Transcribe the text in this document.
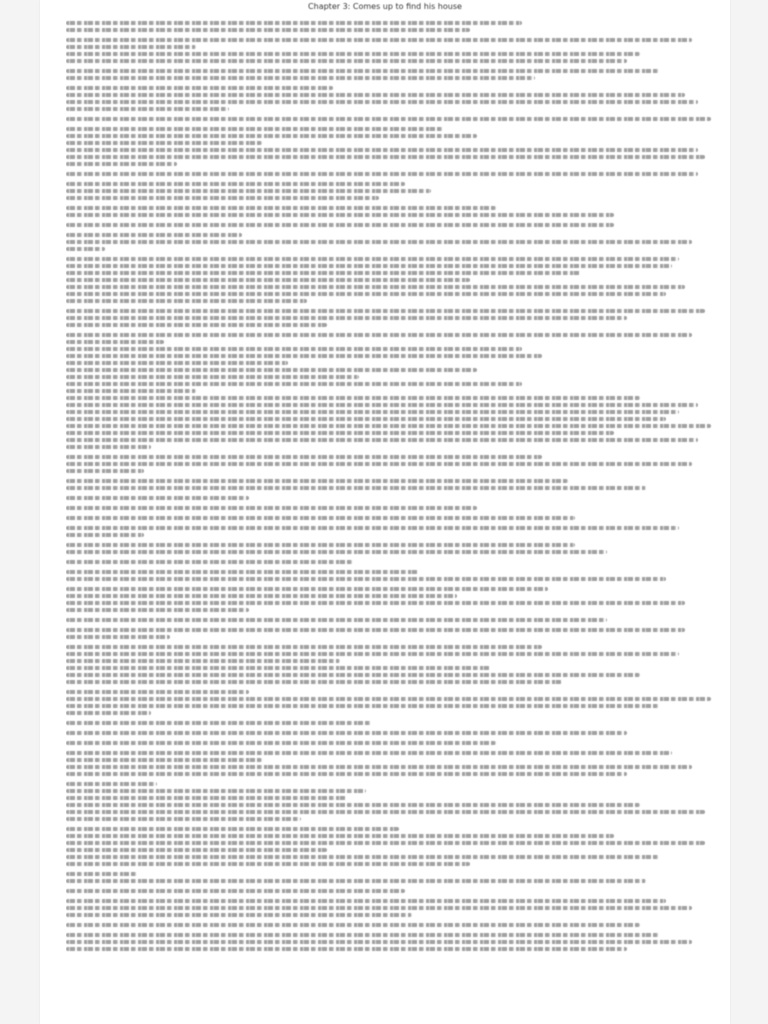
Chapter 3: Comes up to find his house
